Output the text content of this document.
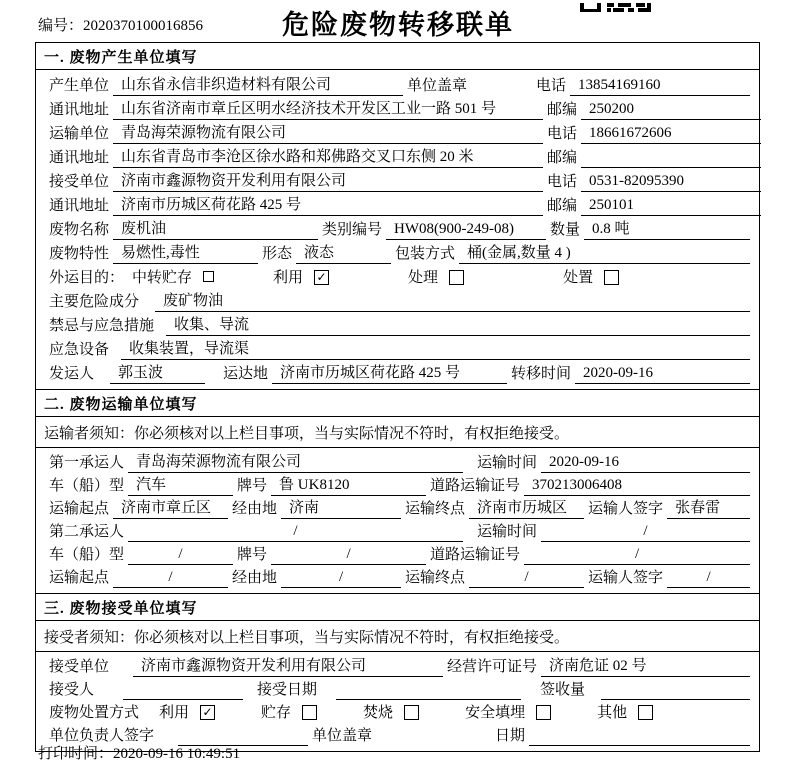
编号：2020370100016856	危险废物转移联单
一. 废物产生单位填写
产生单位 山东省永信非织造材料有限公司	单位盖章	电话 13854169160
通讯地址 山东省济南市章丘区明水经济技术开发区工业一路 501 号	邮编 250200
运输单位 青岛海荣源物流有限公司	电话 18661672606
通讯地址 山东省青岛市李沧区徐水路和郑佛路交叉口东侧 20 米	邮编
接受单位 济南市鑫源物资开发利用有限公司	电话 0531-82095390
通讯地址 济南市历城区荷花路 425 号	邮编 250101
废物名称 废机油	类别编号 HW08(900-249-08)	数量 0.8 吨
废物特性 易燃性,毒性	形态 液态	包装方式 桶(金属,数量 4 )
外运目的： 中转贮存	利用 ✓	处理	处置
主要危险成分	废矿物油
禁忌与应急措施	收集、导流
应急设备	收集装置，导流渠
发运人	郭玉波	运达地 济南市历城区荷花路 425 号	转移时间 2020-09-16
二. 废物运输单位填写
运输者须知：你必须核对以上栏目事项，当与实际情况不符时，有权拒绝接受。
第一承运人 青岛海荣源物流有限公司	运输时间 2020-09-16
车（船）型 汽车	牌号 鲁 UK8120	道路运输证号 370213006408
运输起点 济南市章丘区	经由地 济南	运输终点 济南市历城区	运输人签字 张春雷
第二承运人	/	运输时间	/
车（船）型	/	牌号	/	道路运输证号	/
运输起点	/	经由地	/	运输终点	/	运输人签字	/
三. 废物接受单位填写
接受者须知：你必须核对以上栏目事项，当与实际情况不符时，有权拒绝接受。
接受单位	济南市鑫源物资开发利用有限公司	经营许可证号 济南危证 02 号
接受人	接受日期	签收量
废物处置方式 利用 ✓	贮存	焚烧	安全填埋	其他
单位负责人签字	单位盖章	日期
打印时间：2020-09-16 10:49:51
